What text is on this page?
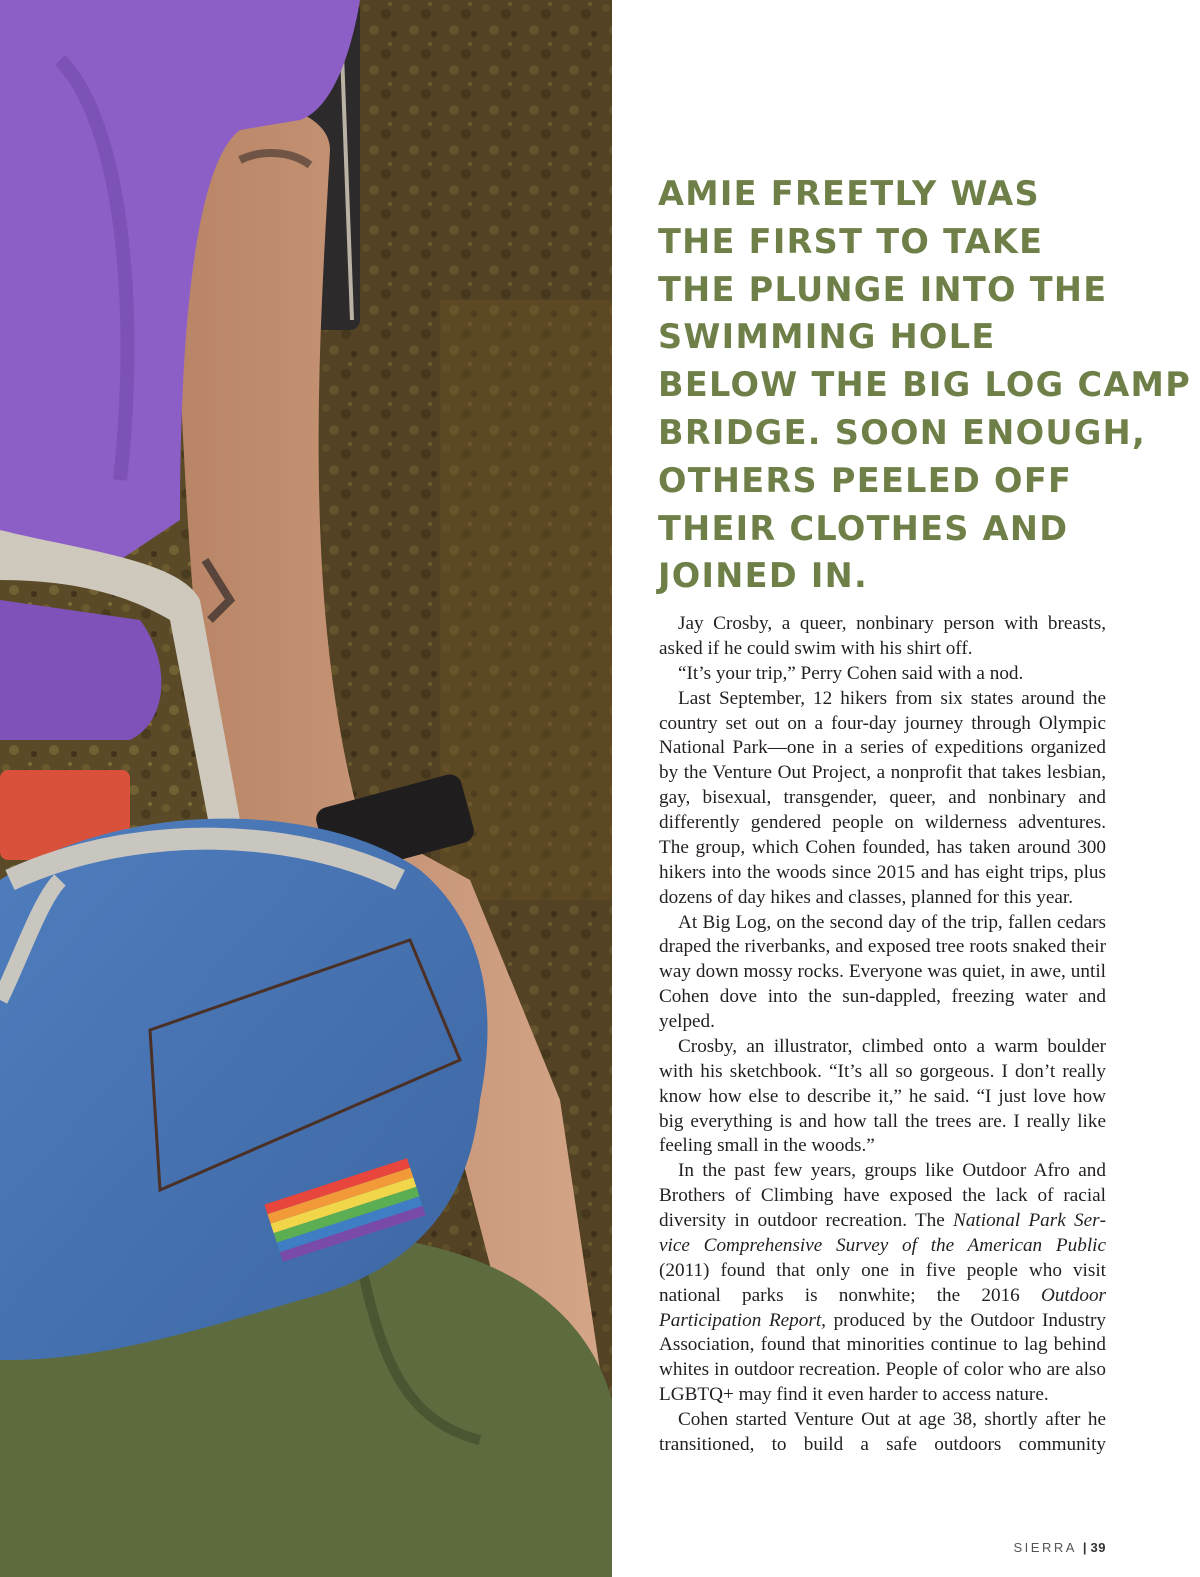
AMIE FREETLY WAS
THE FIRST TO TAKE
THE PLUNGE INTO THE
SWIMMING HOLE
BELOW THE BIG LOG CAMP
BRIDGE. SOON ENOUGH,
OTHERS PEELED OFF
THEIR CLOTHES AND
JOINED IN.

Jay Crosby, a queer, nonbinary person with breasts, asked if he could swim with his shirt off.

“It’s your trip,” Perry Cohen said with a nod.

Last September, 12 hikers from six states around the country set out on a four-day journey through Olympic National Park—one in a series of expeditions organized by the Venture Out Project, a nonprofit that takes lesbian, gay, bisexual, transgender, queer, and nonbinary and differently gendered people on wilderness adventures. The group, which Cohen founded, has taken around 300 hikers into the woods since 2015 and has eight trips, plus dozens of day hikes and classes, planned for this year.

At Big Log, on the second day of the trip, fallen cedars draped the riverbanks, and exposed tree roots snaked their way down mossy rocks. Everyone was quiet, in awe, until Cohen dove into the sun-dappled, freezing water and yelped.

Crosby, an illustrator, climbed onto a warm boulder with his sketchbook. “It’s all so gorgeous. I don’t really know how else to describe it,” he said. “I just love how big everything is and how tall the trees are. I really like feeling small in the woods.”

In the past few years, groups like Outdoor Afro and Brothers of Climbing have exposed the lack of racial diversity in outdoor recreation. The National Park Service Comprehensive Survey of the American Public (2011) found that only one in five people who visit national parks is nonwhite; the 2016 Outdoor Participation Report, produced by the Outdoor Industry Association, found that minorities continue to lag behind whites in outdoor recreation. People of color who are also LGBTQ+ may find it even harder to access nature.

Cohen started Venture Out at age 38, shortly after he transitioned, to build a safe outdoors community

SIERRA | 39
